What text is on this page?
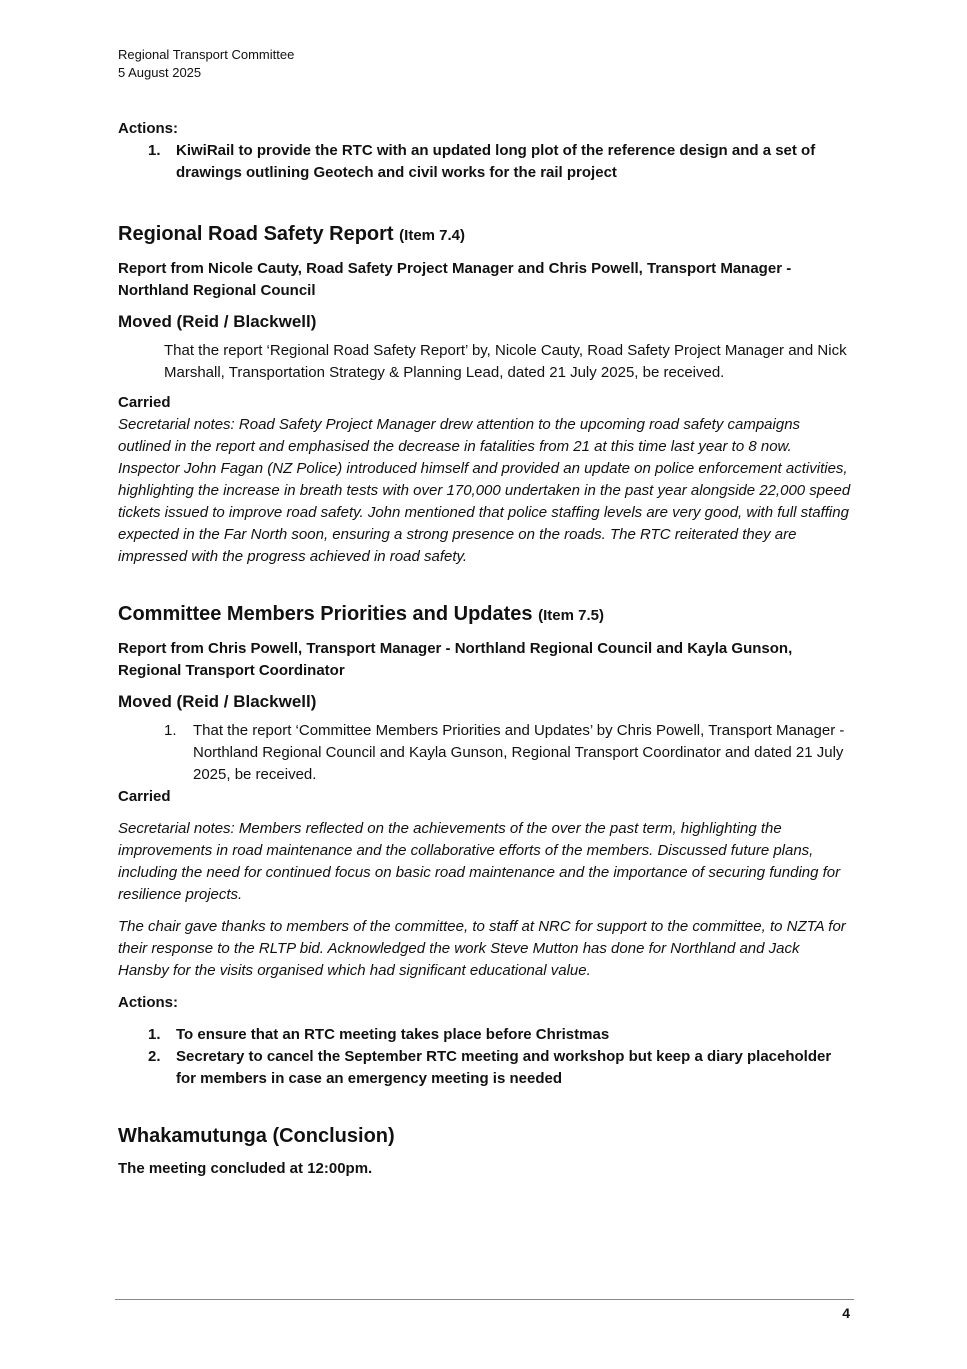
Regional Transport Committee

5 August 2025

Actions:

1.	KiwiRail to provide the RTC with an updated long plot of the reference design and a set of drawings outlining Geotech and civil works for the rail project
Regional Road Safety Report (Item 7.4)

Report from Nicole Cauty, Road Safety Project Manager and Chris Powell, Transport Manager - Northland Regional Council

Moved (Reid / Blackwell)

That the report ‘Regional Road Safety Report’ by, Nicole Cauty, Road Safety Project Manager and Nick Marshall, Transportation Strategy & Planning Lead, dated 21 July 2025, be received.

Carried

Secretarial notes: Road Safety Project Manager drew attention to the upcoming road safety campaigns outlined in the report and emphasised the decrease in fatalities from 21 at this time last year to 8 now. Inspector John Fagan (NZ Police) introduced himself and provided an update on police enforcement activities, highlighting the increase in breath tests with over 170,000 undertaken in the past year alongside 22,000 speed tickets issued to improve road safety. John mentioned that police staffing levels are very good, with full staffing expected in the Far North soon, ensuring a strong presence on the roads. The RTC reiterated they are impressed with the progress achieved in road safety.

Committee Members Priorities and Updates (Item 7.5)

Report from Chris Powell, Transport Manager - Northland Regional Council and Kayla Gunson, Regional Transport Coordinator

Moved (Reid / Blackwell)

1.	That the report ‘Committee Members Priorities and Updates’ by Chris Powell, Transport Manager - Northland Regional Council and Kayla Gunson, Regional Transport Coordinator and dated 21 July 2025, be received.

Carried

Secretarial notes: Members reflected on the achievements of the over the past term, highlighting the improvements in road maintenance and the collaborative efforts of the members. Discussed future plans, including the need for continued focus on basic road maintenance and the importance of securing funding for resilience projects.

The chair gave thanks to members of the committee, to staff at NRC for support to the committee, to NZTA for their response to the RLTP bid. Acknowledged the work Steve Mutton has done for Northland and Jack Hansby for the visits organised which had significant educational value.

Actions:

1.	To ensure that an RTC meeting takes place before Christmas
2.	Secretary to cancel the September RTC meeting and workshop but keep a diary placeholder for members in case an emergency meeting is needed
Whakamutunga (Conclusion)

The meeting concluded at 12:00pm.

4
